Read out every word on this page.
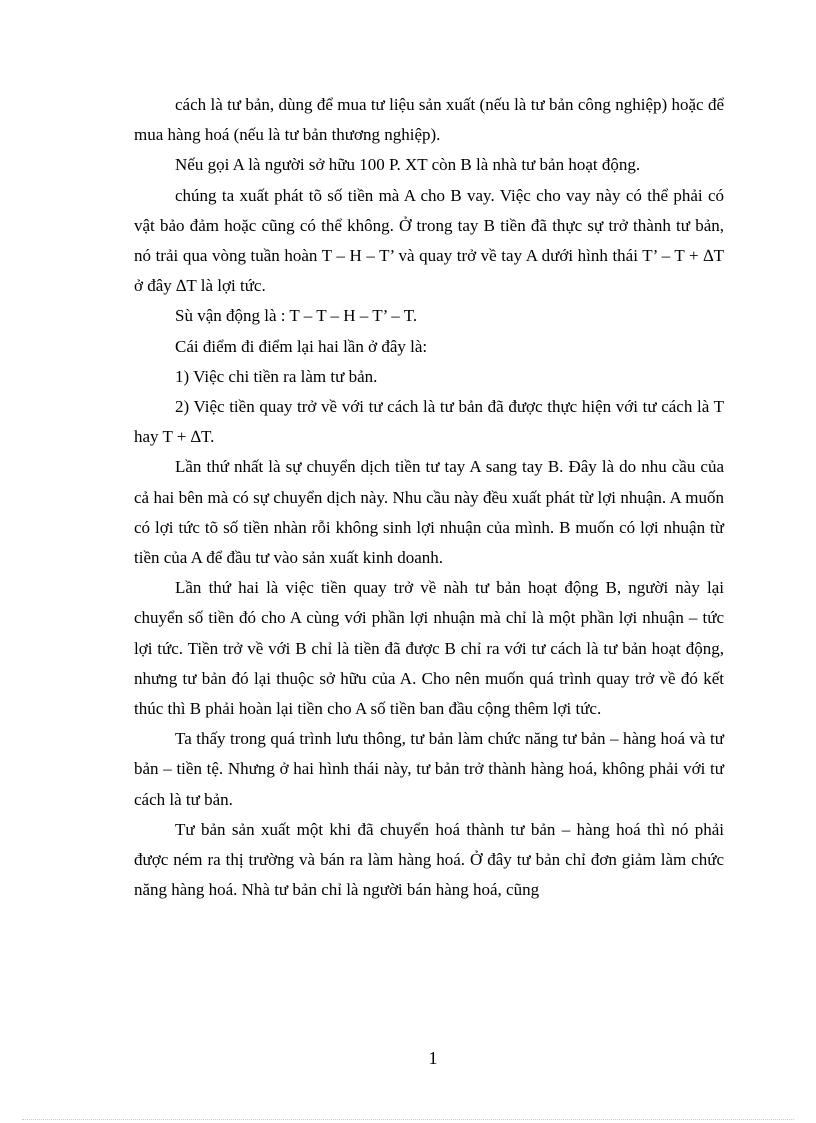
cách là tư bản, dùng để mua tư liệu sản xuất (nếu là tư bản công nghiệp) hoặc để mua hàng hoá (nếu là tư bản thương nghiệp).

Nếu gọi A là người sở hữu 100 P. XT còn B là nhà tư bản hoạt động.

chúng ta xuất phát tõ số tiền mà A cho B vay. Việc cho vay này có thể phải có vật bảo đảm hoặc cũng có thể không. Ở trong tay B tiền đã thực sự trở thành tư bản, nó trải qua vòng tuần hoàn T – H – T’ và quay trở về tay A dưới hình thái T’ – T + ∆T ở đây ∆T là lợi tức.

Sù vận động là : T – T – H – T’ – T.

Cái điểm đi điểm lại hai lần ở đây là:

1) Việc chi tiền ra làm tư bản.

2) Việc tiền quay trở về với tư cách là tư bản đã được thực hiện với tư cách là T hay T + ∆T.

Lần thứ nhất là sự chuyển dịch tiền tư tay A sang tay B. Đây là do nhu cầu của cả hai bên mà có sự chuyển dịch này. Nhu cầu này đều xuất phát từ lợi nhuận. A muốn có lợi tức tõ số tiền nhàn rỗi không sinh lợi nhuận của mình. B muốn có lợi nhuận từ tiền của A để đầu tư vào sản xuất kinh doanh.

Lần thứ hai là việc tiền quay trở về nàh tư bản hoạt động B, người này lại chuyển số tiền đó cho A cùng với phần lợi nhuận mà chỉ là một phần lợi nhuận – tức lợi tức. Tiền trở về với B chỉ là tiền đã được B chỉ ra với tư cách là tư bản hoạt động, nhưng tư bản đó lại thuộc sở hữu của A. Cho nên muốn quá trình quay trở về đó kết thúc thì B phải hoàn lại tiền cho A số tiền ban đầu cộng thêm lợi tức.

Ta thấy trong quá trình lưu thông, tư bản làm chức năng tư bản – hàng hoá và tư bản – tiền tệ. Nhưng ở hai hình thái này, tư bản trở thành hàng hoá, không phải với tư cách là tư bản.

Tư bản sản xuất một khi đã chuyển hoá thành tư bản – hàng hoá thì nó phải được ném ra thị trường và bán ra làm hàng hoá. Ở đây tư bản chỉ đơn giảm làm chức năng hàng hoá. Nhà tư bản chỉ là người bán hàng hoá, cũng

1
